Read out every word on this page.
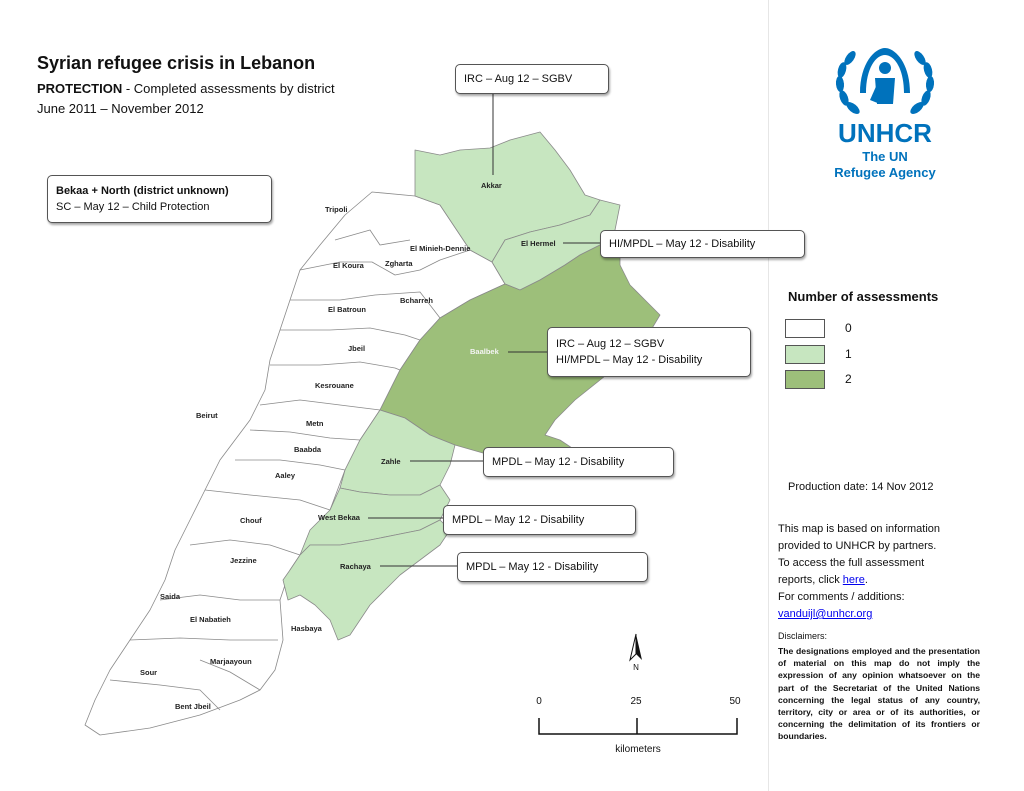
Syrian refugee crisis in Lebanon
PROTECTION - Completed assessments by district
June 2011 – November 2012
Akkar
Tripoli
El Minieh-Dennie
El Hermel
El Koura	Zgharta
Bcharreh
El Batroun
Jbeil	Baalbek
Kesrouane
Beirut
Metn
Baabda
Zahle
Aaley
Chouf	West Bekaa
Jezzine
Rachaya
Saida
El Nabatieh
Hasbaya
Marjaayoun
Sour
Bent Jbeil
Bekaa + North (district unknown)
SC – May 12 – Child Protection
IRC – Aug 12 – SGBV
HI/MPDL – May 12 - Disability
IRC – Aug 12 – SGBV
HI/MPDL – May 12 - Disability
MPDL – May 12 - Disability
MPDL – May 12 - Disability
MPDL – May 12 - Disability
UNHCR
The UN
Refugee Agency
Number of assessments
0
1
2
Production date: 14 Nov 2012
This map is based on information
provided to UNHCR by partners.
To access the full assessment
reports, click here.
For comments / additions:
vanduijl@unhcr.org
Disclaimers:
The designations employed and the presentation of material on this map do not imply the expression of any opinion whatsoever on the part of the Secretariat of the United Nations concerning the legal status of any country, territory, city or area or of its authorities, or concerning the delimitation of its frontiers or boundaries.
N
0	25	50
kilometers
